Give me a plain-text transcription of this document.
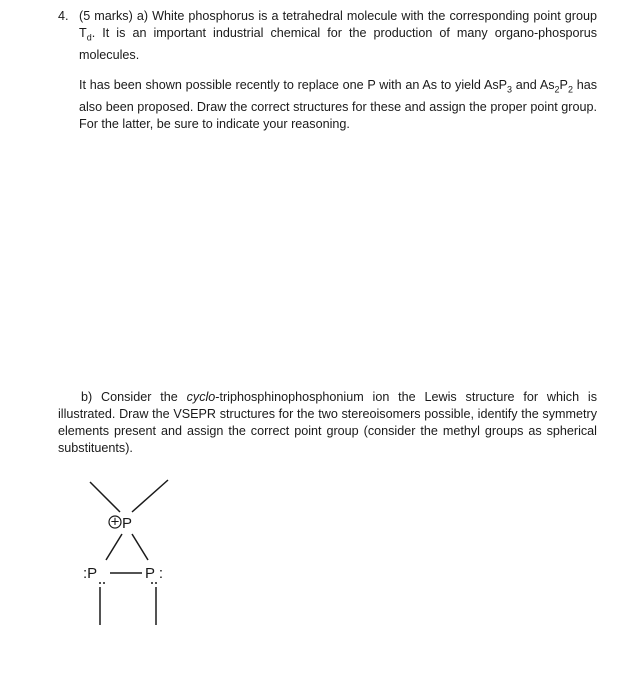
4. (5 marks) a) White phosphorus is a tetrahedral molecule with the corresponding point group $T_d$. It is an important industrial chemical for the production of many organo-phosporus molecules.
It has been shown possible recently to replace one P with an As to yield AsP$_3$ and $As_2P_2$ has also been proposed. Draw the correct structures for these and assign the proper point group. For the latter, be sure to indicate your reasoning.
b) Consider the cyclo-triphosphinophosphonium ion the Lewis structure for which is illustrated. Draw the VSEPR structures for the two stereoisomers possible, identify the symmetry elements present and assign the correct point group (consider the methyl groups as spherical substituents).
+ P
:P	P :
